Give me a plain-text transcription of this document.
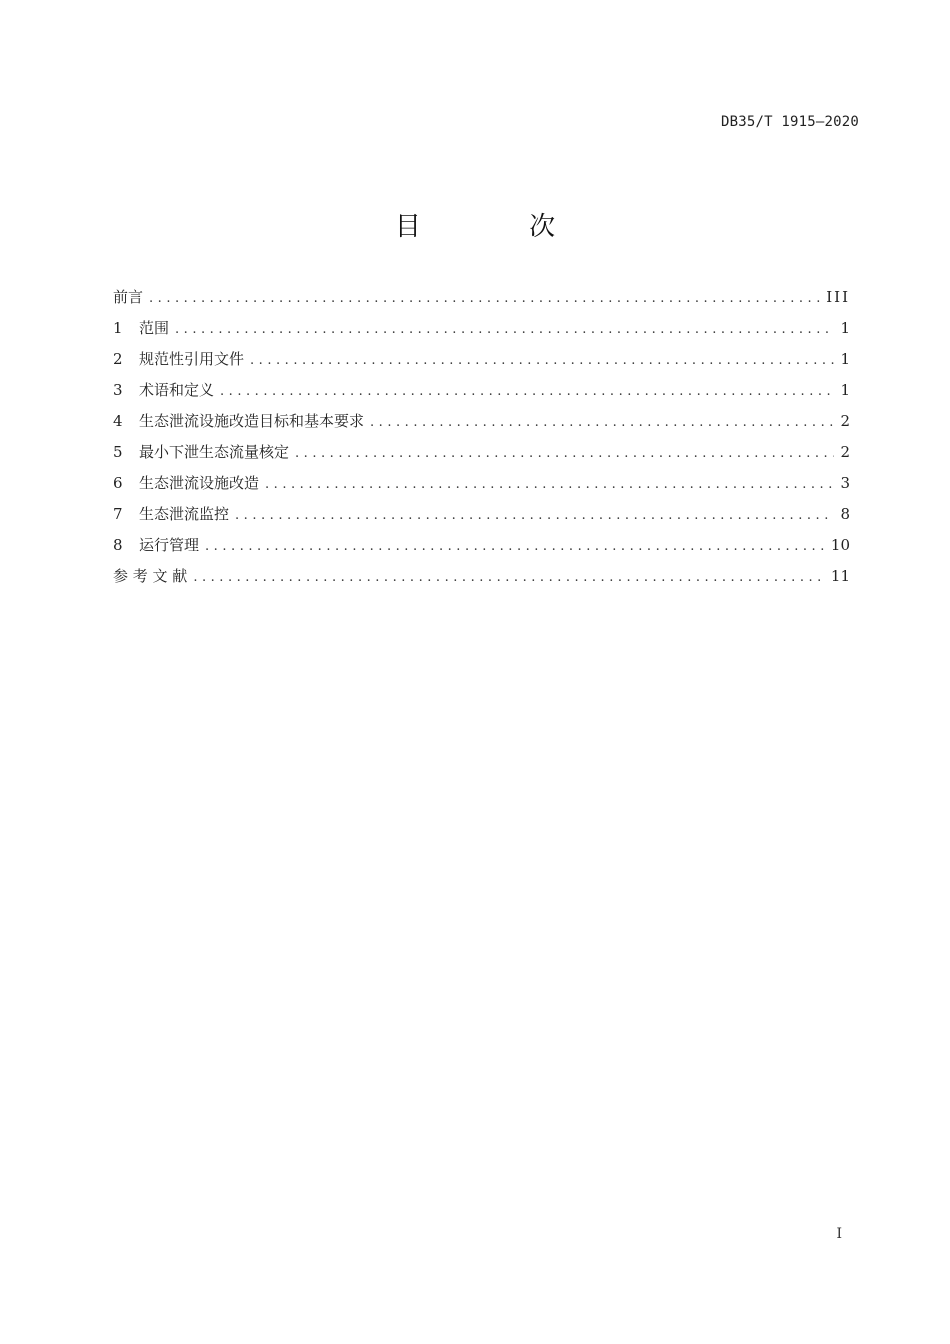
DB35/T 1915—2020
目 次
前言 . . .	III
1	范围 . . .	1
2	规范性引用文件 . . .	1
3	术语和定义 . . .	1
4	生态泄流设施改造目标和基本要求 . . .	2
5	最小下泄生态流量核定 . . .	2
6	生态泄流设施改造 . . .	3
7	生态泄流监控 . . .	8
8	运行管理 . . .	10
参 考 文 献 . . .	11
I
